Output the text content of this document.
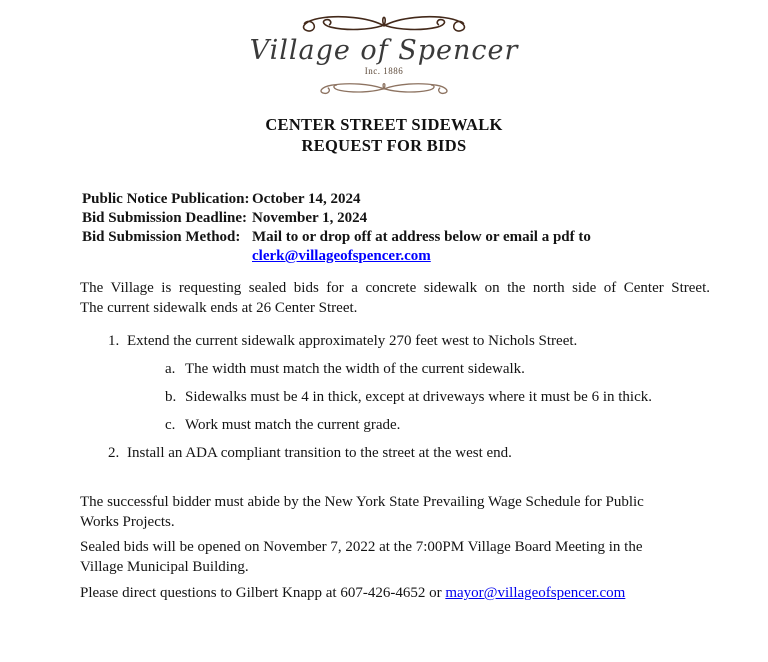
Village of Spencer
Inc. 1886
CENTER STREET SIDEWALK
REQUEST FOR BIDS
Public Notice Publication: October 14, 2024
Bid Submission Deadline: November 1, 2024
Bid Submission Method: Mail to or drop off at address below or email a pdf to
clerk@villageofspencer.com
The Village is requesting sealed bids for a concrete sidewalk on the north side of Center Street.
The current sidewalk ends at 26 Center Street.
1. Extend the current sidewalk approximately 270 feet west to Nichols Street.
a. The width must match the width of the current sidewalk.
b. Sidewalks must be 4 in thick, except at driveways where it must be 6 in thick.
c. Work must match the current grade.
2. Install an ADA compliant transition to the street at the west end.
The successful bidder must abide by the New York State Prevailing Wage Schedule for Public
Works Projects.
Sealed bids will be opened on November 7, 2022 at the 7:00PM Village Board Meeting in the
Village Municipal Building.
Please direct questions to Gilbert Knapp at 607-426-4652 or mayor@villageofspencer.com
